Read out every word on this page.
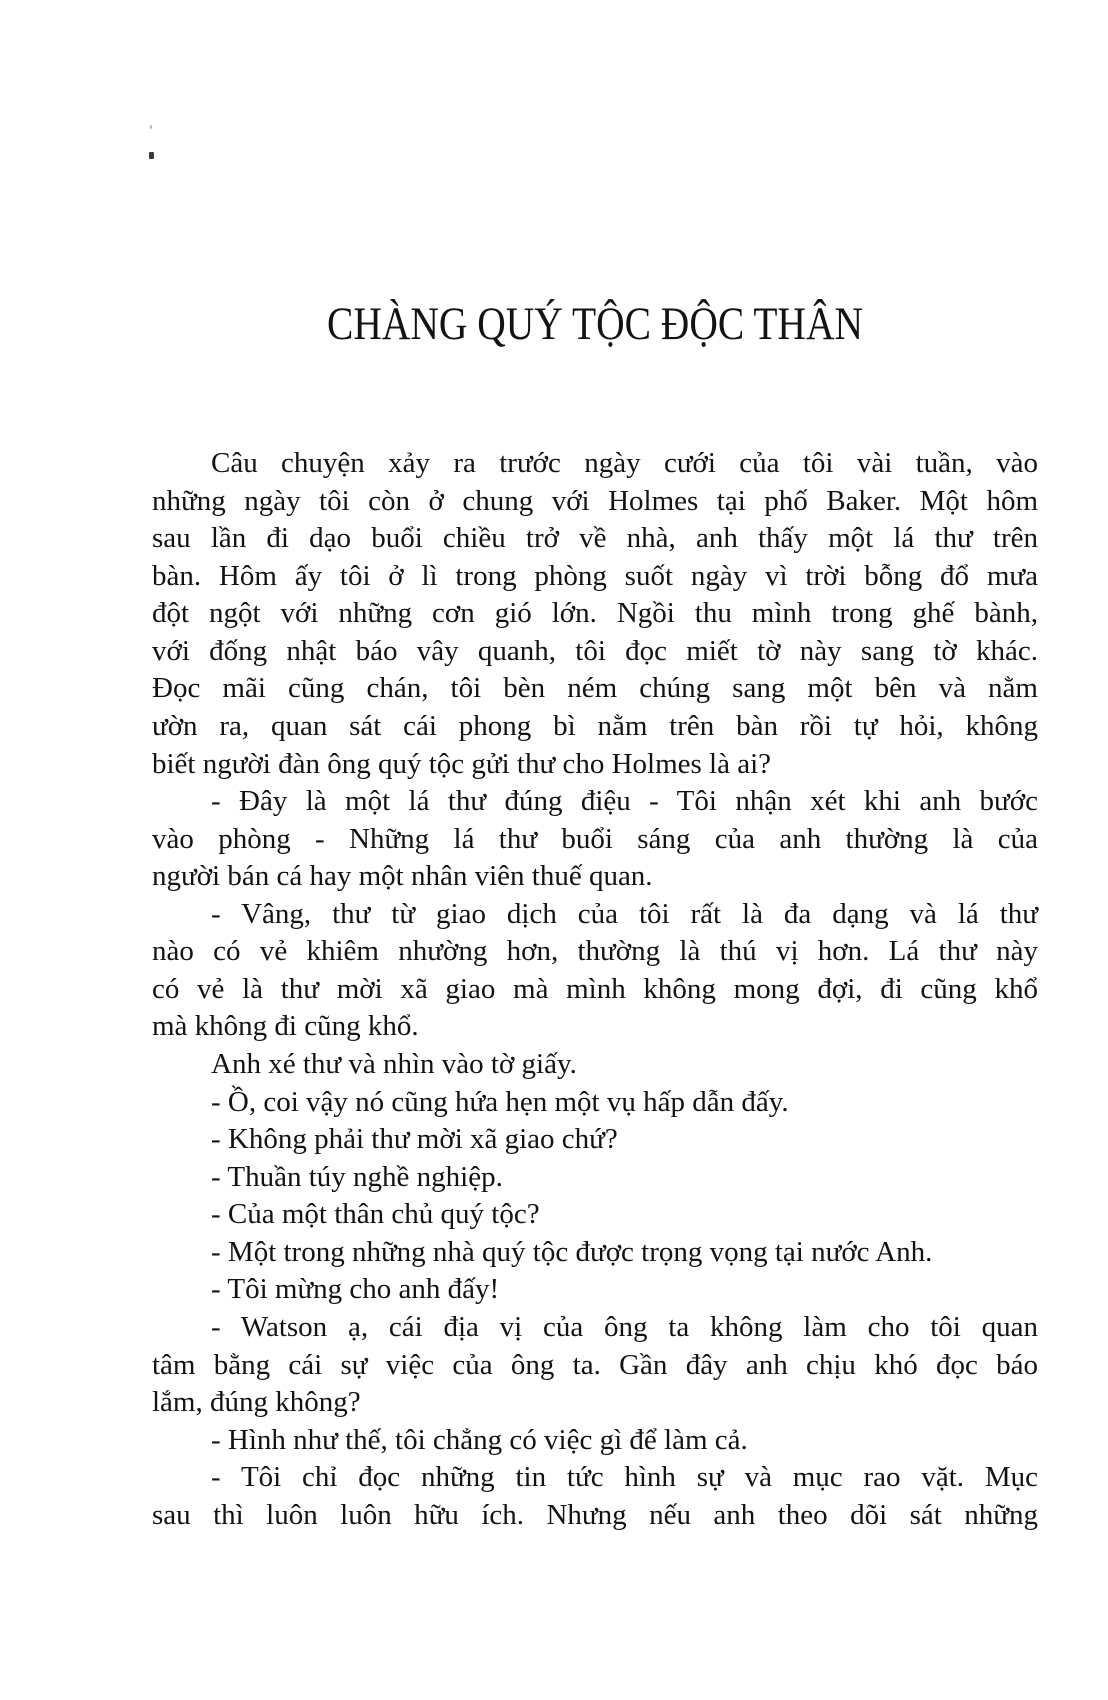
CHÀNG QUÝ TỘC ĐỘC THÂN
Câu chuyện xảy ra trước ngày cưới của tôi vài tuần, vào
những ngày tôi còn ở chung với Holmes tại phố Baker. Một hôm
sau lần đi dạo buổi chiều trở về nhà, anh thấy một lá thư trên
bàn. Hôm ấy tôi ở lì trong phòng suốt ngày vì trời bỗng đổ mưa
đột ngột với những cơn gió lớn. Ngồi thu mình trong ghế bành,
với đống nhật báo vây quanh, tôi đọc miết tờ này sang tờ khác.
Đọc mãi cũng chán, tôi bèn ném chúng sang một bên và nằm
ườn ra, quan sát cái phong bì nằm trên bàn rồi tự hỏi, không
biết người đàn ông quý tộc gửi thư cho Holmes là ai?
- Đây là một lá thư đúng điệu - Tôi nhận xét khi anh bước
vào phòng - Những lá thư buổi sáng của anh thường là của
người bán cá hay một nhân viên thuế quan.
- Vâng, thư từ giao dịch của tôi rất là đa dạng và lá thư
nào có vẻ khiêm nhường hơn, thường là thú vị hơn. Lá thư này
có vẻ là thư mời xã giao mà mình không mong đợi, đi cũng khổ
mà không đi cũng khổ.
Anh xé thư và nhìn vào tờ giấy.
- Ồ, coi vậy nó cũng hứa hẹn một vụ hấp dẫn đấy.
- Không phải thư mời xã giao chứ?
- Thuần túy nghề nghiệp.
- Của một thân chủ quý tộc?
- Một trong những nhà quý tộc được trọng vọng tại nước Anh.
- Tôi mừng cho anh đấy!
- Watson ạ, cái địa vị của ông ta không làm cho tôi quan
tâm bằng cái sự việc của ông ta. Gần đây anh chịu khó đọc báo
lắm, đúng không?
- Hình như thế, tôi chẳng có việc gì để làm cả.
- Tôi chỉ đọc những tin tức hình sự và mục rao vặt. Mục
sau thì luôn luôn hữu ích. Nhưng nếu anh theo dõi sát những
